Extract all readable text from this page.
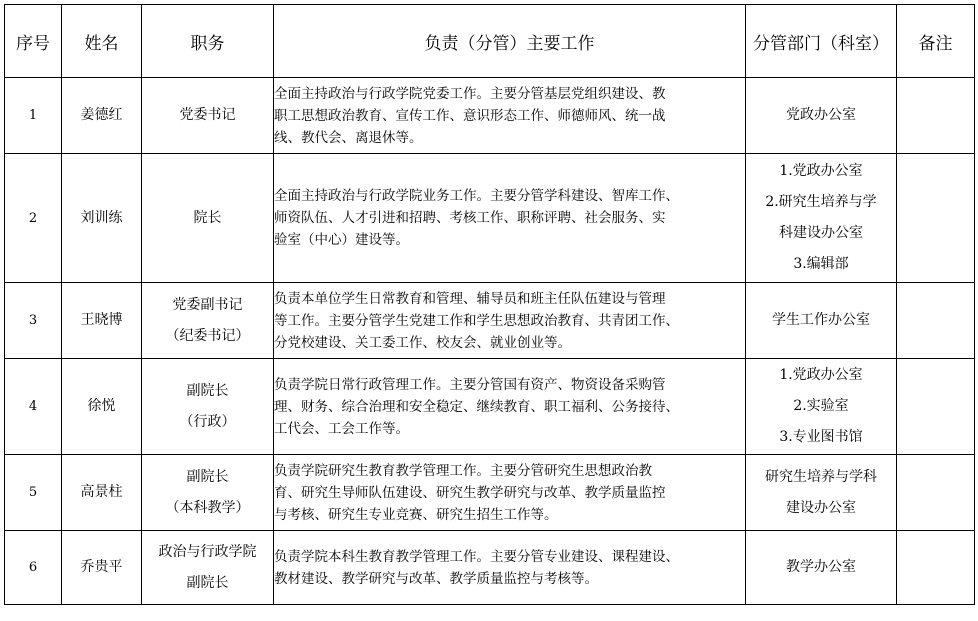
序号	姓名	职务	负责（分管）主要工作	分管部门（科室）	备注
1	姜德红	党委书记	全面主持政治与行政学院党委工作。主要分管基层党组织建设、教
职工思想政治教育、宣传工作、意识形态工作、师德师风、统一战
线、教代会、离退休等。	党政办公室	

2	刘训练	院长	全面主持政治与行政学院业务工作。主要分管学科建设、智库工作、
师资队伍、人才引进和招聘、考核工作、职称评聘、社会服务、实
验室（中心）建设等。	1.党政办公室
2.研究生培养与学
科建设办公室
3.编辑部	

3	王晓博	党委副书记
（纪委书记）	负责本单位学生日常教育和管理、辅导员和班主任队伍建设与管理
等工作。主要分管学生党建工作和学生思想政治教育、共青团工作、
分党校建设、关工委工作、校友会、就业创业等。	学生工作办公室	

4	徐悦	副院长
（行政）	负责学院日常行政管理工作。主要分管国有资产、物资设备采购管
理、财务、综合治理和安全稳定、继续教育、职工福利、公务接待、
工代会、工会工作等。	1.党政办公室
2.实验室
3.专业图书馆	

5	高景柱	副院长
（本科教学）	负责学院研究生教育教学管理工作。主要分管研究生思想政治教
育、研究生导师队伍建设、研究生教学研究与改革、教学质量监控
与考核、研究生专业竞赛、研究生招生工作等。	研究生培养与学科
建设办公室	

6	乔贵平	政治与行政学院
副院长	负责学院本科生教育教学管理工作。主要分管专业建设、课程建设、
教材建设、教学研究与改革、教学质量监控与考核等。	教学办公室	
